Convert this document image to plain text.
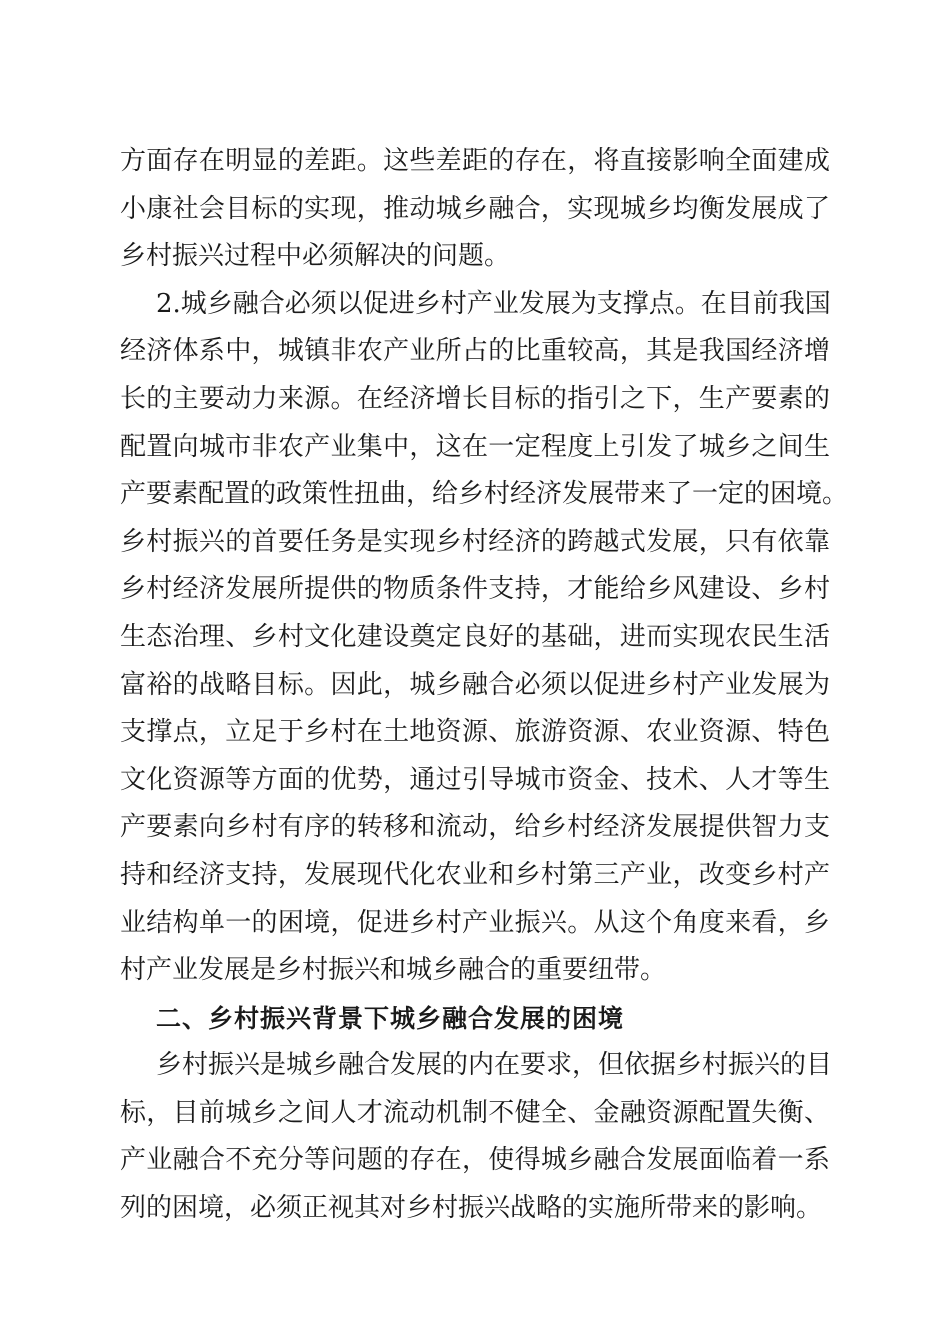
方面存在明显的差距。这些差距的存在，将直接影响全面建成
小康社会目标的实现，推动城乡融合，实现城乡均衡发展成了
乡村振兴过程中必须解决的问题。
2.城乡融合必须以促进乡村产业发展为支撑点。在目前我国
经济体系中，城镇非农产业所占的比重较高，其是我国经济增
长的主要动力来源。在经济增长目标的指引之下，生产要素的
配置向城市非农产业集中，这在一定程度上引发了城乡之间生
产要素配置的政策性扭曲，给乡村经济发展带来了一定的困境。
乡村振兴的首要任务是实现乡村经济的跨越式发展，只有依靠
乡村经济发展所提供的物质条件支持，才能给乡风建设、乡村
生态治理、乡村文化建设奠定良好的基础，进而实现农民生活
富裕的战略目标。因此，城乡融合必须以促进乡村产业发展为
支撑点，立足于乡村在土地资源、旅游资源、农业资源、特色
文化资源等方面的优势，通过引导城市资金、技术、人才等生
产要素向乡村有序的转移和流动，给乡村经济发展提供智力支
持和经济支持，发展现代化农业和乡村第三产业，改变乡村产
业结构单一的困境，促进乡村产业振兴。从这个角度来看，乡
村产业发展是乡村振兴和城乡融合的重要纽带。
二、乡村振兴背景下城乡融合发展的困境
乡村振兴是城乡融合发展的内在要求，但依据乡村振兴的目
标，目前城乡之间人才流动机制不健全、金融资源配置失衡、
产业融合不充分等问题的存在，使得城乡融合发展面临着一系
列的困境，必须正视其对乡村振兴战略的实施所带来的影响。
